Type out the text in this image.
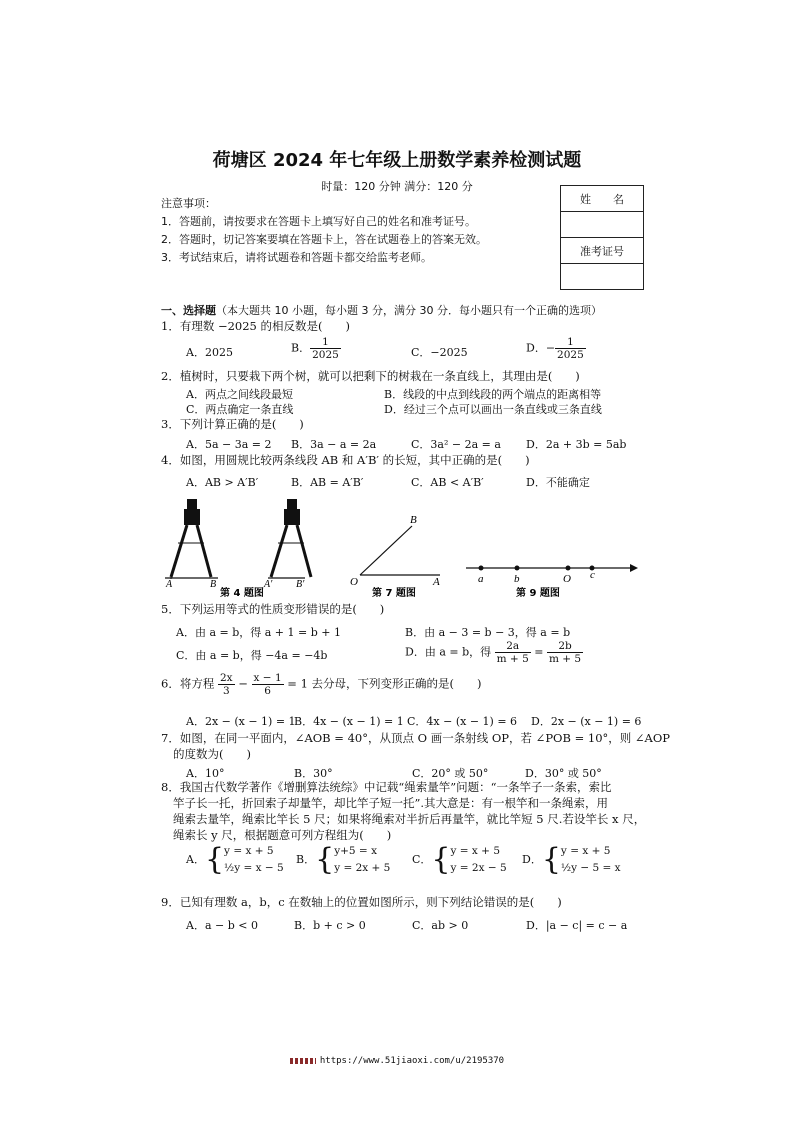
荷塘区 2024 年七年级上册数学素养检测试题
时量：120 分钟 满分：120 分
姓　　名

准考证号

注意事项：
1．答题前，请按要求在答题卡上填写好自己的姓名和准考证号。
2．答题时，切记答案要填在答题卡上，答在试题卷上的答案无效。
3．考试结束后，请将试题卷和答题卡都交给监考老师。
一、选择题（本大题共 10 小题，每小题 3 分，满分 30 分．每小题只有一个正确的选项）
1．有理数 −2025 的相反数是(　　)
A．2025	B． $\frac{1}{2025}$	C．−2025	D．− $\frac{1}{2025}$
2．植树时，只要栽下两个树，就可以把剩下的树栽在一条直线上，其理由是(　　)
A．两点之间线段最短	B．线段的中点到线段的两个端点的距离相等
C．两点确定一条直线	D．经过三个点可以画出一条直线或三条直线
3．下列计算正确的是(　　)
A．5a − 3a = 2 B．3a − a = 2a	C．3a² − 2a = a D．2a + 3b = 5ab
4．如图，用圆规比较两条线段 AB 和 A′B′ 的长短，其中正确的是(　　)
A．AB > A′B′	B．AB = A′B′	C．AB < A′B′	D．不能确定
A	B	A′ B′
第 4 题图
B
O	A
第 7 题图
a	b	O c
第 9 题图
5．下列运用等式的性质变形错误的是(　　)
A．由 a = b，得 a + 1 = b + 1	B．由 a − 3 = b − 3，得 a = b
C．由 a = b，得 −4a = −4b	D．由 a = b，得 $\frac{2a}{m + 5} = \frac{2b}{m + 5}$
6．将方程 $\frac{2x}{3} - \frac{x - 1}{6} = 1$ 去分母，下列变形正确的是(　　)
A．2x − (x − 1) = 1
B．4x − (x − 1) = 1 C．4x − (x − 1) = 6 D．2x − (x − 1) = 6
7．如图，在同一平面内，∠AOB = 40°，从顶点 O 画一条射线 OP，若 ∠POB = 10°，则 ∠AOP
的度数为(　　)
A．10°	B．30°	C．20° 或 50°	D．30° 或 50°
8．我国古代数学著作《增删算法统综》中记载“绳索量竿”问题：“一条竿子一条索，索比
竿子长一托，折回索子却量竿，却比竿子短一托”.其大意是：有一根竿和一条绳索，用
绳索去量竿，绳索比竿长 5 尺；如果将绳索对半折后再量竿，就比竿短 5 尺.若设竿长 x 尺，
绳索长 y 尺，根据题意可列方程组为(　　)
A．{y = x + 5
½y = x − 5
B．{y+5 = x
y = 2x + 5
C．{y = x + 5
y = 2x − 5
D．{y = x + 5
½y − 5 = x
9．已知有理数 a，b，c 在数轴上的位置如图所示，则下列结论错误的是(　　)
A．a − b < 0	B．b + c > 0	C．ab > 0	D．|a − c| = c − a
https://www.51jiaoxi.com/u/2195370
